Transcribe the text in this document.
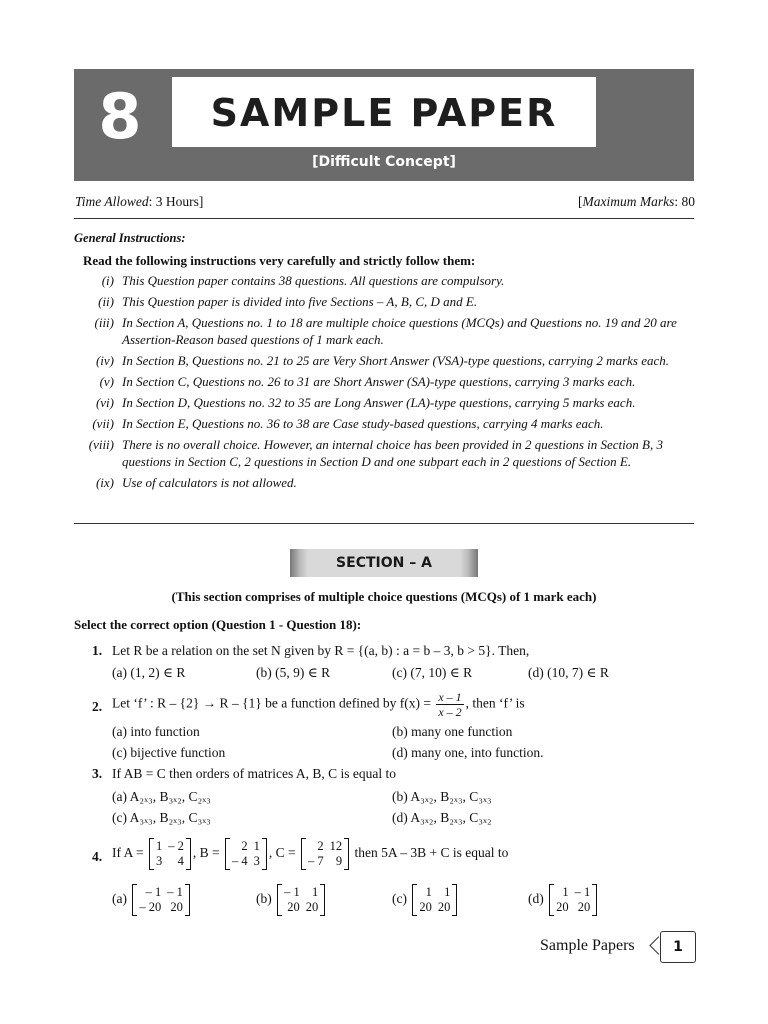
8	SAMPLE PAPER
[Difficult Concept]
Time Allowed: 3 Hours]	[Maximum Marks: 80
General Instructions:
Read the following instructions very carefully and strictly follow them:
(i) This Question paper contains 38 questions. All questions are compulsory.
(ii) This Question paper is divided into five Sections – A, B, C, D and E.
(iii) In Section A, Questions no. 1 to 18 are multiple choice questions (MCQs) and Questions no. 19 and 20 are Assertion-Reason based questions of 1 mark each.
(iv) In Section B, Questions no. 21 to 25 are Very Short Answer (VSA)-type questions, carrying 2 marks each.
(v) In Section C, Questions no. 26 to 31 are Short Answer (SA)-type questions, carrying 3 marks each.
(vi) In Section D, Questions no. 32 to 35 are Long Answer (LA)-type questions, carrying 5 marks each.
(vii) In Section E, Questions no. 36 to 38 are Case study-based questions, carrying 4 marks each.
(viii) There is no overall choice. However, an internal choice has been provided in 2 questions in Section B, 3 questions in Section C, 2 questions in Section D and one subpart each in 2 questions of Section E.
(ix) Use of calculators is not allowed.
SECTION – A
(This section comprises of multiple choice questions (MCQs) of 1 mark each)
Select the correct option (Question 1 - Question 18):
1. Let R be a relation on the set N given by R = {(a, b) : a = b – 3, b > 5}. Then,
(a) (1, 2) ∈ R	(b) (5, 9) ∈ R	(c) (7, 10) ∈ R	(d) (10, 7) ∈ R
2. Let ‘f’ : R – {2} → R – {1} be a function defined by $f(x) = \frac{x - 1}{x - 2}$ , then ‘f’ is
(a) into function	(b) many one function
(c) bijective function	(d) many one, into function.
3. If AB = C then orders of matrices A, B, C is equal to
(a) A₂ₓ₃, B₃ₓ₂, C₂ₓ₃	(b) A₃ₓ₂, B₂ₓ₃, C₃ₓ₃
(c) A₃ₓ₃, B₂ₓ₃, C₃ₓ₃	(d) A₃ₓ₂, B₂ₓ₃, C₃ₓ₂
4. If A = 1	– 2
3	4
, B = 2	1
– 4	3
, C = 2	12
– 7	9
then 5A – 3B + C is equal to
(a) – 1	– 1
– 20	20
(b) – 1	1
20	20
(c) 1	1
20	20
(d) 1	– 1
20	20
Sample Papers	1
